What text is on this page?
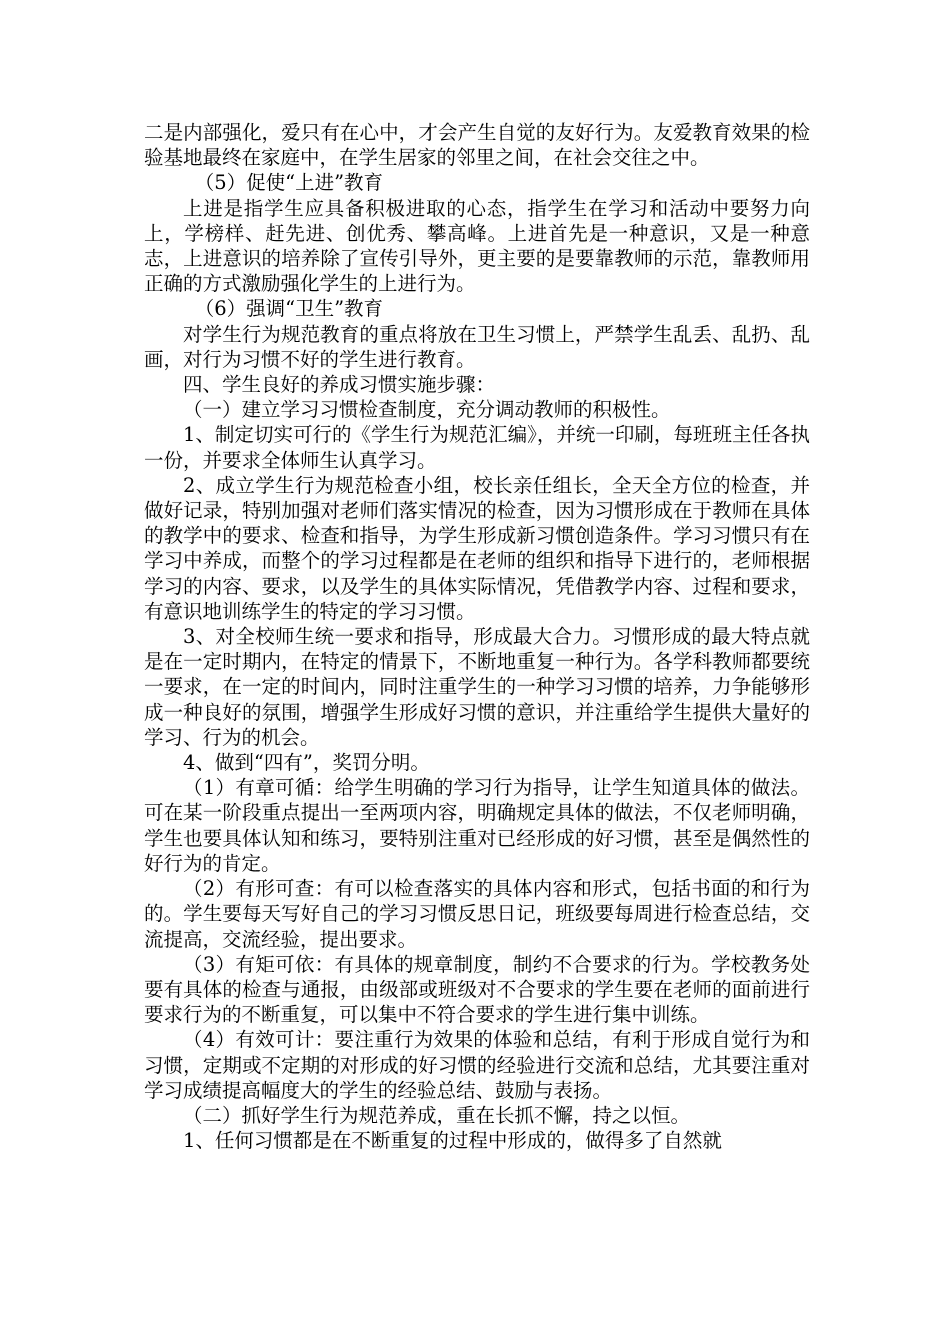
二是内部强化，爱只有在心中，才会产生自觉的友好行为。友爱教育效果的检验基地最终在家庭中，在学生居家的邻里之间，在社会交往之中。

（5）促使“上进”教育

上进是指学生应具备积极进取的心态，指学生在学习和活动中要努力向上，学榜样、赶先进、创优秀、攀高峰。上进首先是一种意识，又是一种意志，上进意识的培养除了宣传引导外，更主要的是要靠教师的示范，靠教师用正确的方式激励强化学生的上进行为。

（6）强调“卫生”教育

对学生行为规范教育的重点将放在卫生习惯上，严禁学生乱丢、乱扔、乱画，对行为习惯不好的学生进行教育。

四、学生良好的养成习惯实施步骤：

（一）建立学习习惯检查制度，充分调动教师的积极性。

1、制定切实可行的《学生行为规范汇编》，并统一印刷，每班班主任各执一份，并要求全体师生认真学习。

2、成立学生行为规范检查小组，校长亲任组长，全天全方位的检查，并做好记录，特别加强对老师们落实情况的检查，因为习惯形成在于教师在具体的教学中的要求、检查和指导，为学生形成新习惯创造条件。学习习惯只有在学习中养成，而整个的学习过程都是在老师的组织和指导下进行的，老师根据学习的内容、要求，以及学生的具体实际情况，凭借教学内容、过程和要求，有意识地训练学生的特定的学习习惯。

3、对全校师生统一要求和指导，形成最大合力。习惯形成的最大特点就是在一定时期内，在特定的情景下，不断地重复一种行为。各学科教师都要统一要求，在一定的时间内，同时注重学生的一种学习习惯的培养，力争能够形成一种良好的氛围，增强学生形成好习惯的意识，并注重给学生提供大量好的学习、行为的机会。

4、做到“四有”，奖罚分明。

（1）有章可循：给学生明确的学习行为指导，让学生知道具体的做法。可在某一阶段重点提出一至两项内容，明确规定具体的做法，不仅老师明确，学生也要具体认知和练习，要特别注重对已经形成的好习惯，甚至是偶然性的好行为的肯定。

（2）有形可查：有可以检查落实的具体内容和形式，包括书面的和行为的。学生要每天写好自己的学习习惯反思日记，班级要每周进行检查总结，交流提高，交流经验，提出要求。

（3）有矩可依：有具体的规章制度，制约不合要求的行为。学校教务处要有具体的检查与通报，由级部或班级对不合要求的学生要在老师的面前进行要求行为的不断重复，可以集中不符合要求的学生进行集中训练。

（4）有效可计：要注重行为效果的体验和总结，有利于形成自觉行为和习惯，定期或不定期的对形成的好习惯的经验进行交流和总结，尤其要注重对学习成绩提高幅度大的学生的经验总结、鼓励与表扬。

（二）抓好学生行为规范养成，重在长抓不懈，持之以恒。

1、任何习惯都是在不断重复的过程中形成的，做得多了自然就
